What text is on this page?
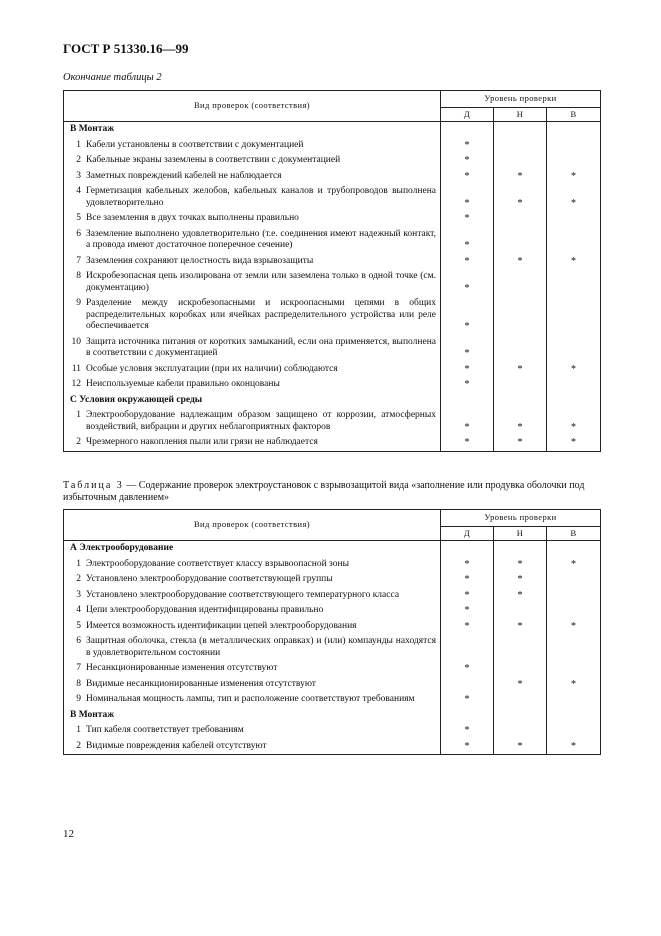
ГОСТ Р 51330.16—99
Окончание таблицы 2
Вид проверок (соответствия)	Уровень проверки		
	Д	Н	В
В Монтаж			

1 Кабели установлены в соответствии с документацией	*		

2 Кабельные экраны заземлены в соответствии с документацией	*		

3 Заметных повреждений кабелей не наблюдается	*	*	*

4 Герметизация кабельных желобов, кабельных каналов и трубопроводов выполнена удовлетворительно	*	*	*

5 Все заземления в двух точках выполнены правильно	*		

6 Заземление выполнено удовлетворительно (т.е. соединения имеют надежный контакт, а провода имеют достаточное поперечное сечение)	*		

7 Заземления сохраняют целостность вида взрывозащиты	*	*	*

8 Искробезопасная цепь изолирована от земли или заземлена только в одной точке (см. документацию)	*		

9 Разделение между искробезопасными и искроопасными цепями в общих распределительных коробках или ячейках распределительного устройства или реле обеспечивается	*		

10 Защита источника питания от коротких замыканий, если она применяется, выполнена в соответствии с документацией	*		

11 Особые условия эксплуатации (при их наличии) соблюдаются	*	*	*

12 Неиспользуемые кабели правильно оконцованы	*		
С Условия окружающей среды			

1 Электрооборудование надлежащим образом защищено от коррозии, атмосферных воздействий, вибрации и других неблагоприятных факторов	*	*	*

2 Чрезмерного накопления пыли или грязи не наблюдается	*	*	*
Таблица 3 — Содержание проверок электроустановок с взрывозащитой вида «заполнение или продувка оболочки под избыточным давлением»
Вид проверок (соответствия)	Уровень проверки		
	Д	Н	В
А Электрооборудование			

1 Электрооборудование соответствует классу взрывоопасной зоны	*	*	*

2 Установлено электрооборудование соответствующей группы	*	*	

3 Установлено электрооборудование соответствующего температурного класса	*	*	

4 Цепи электрооборудования идентифицированы правильно	*		

5 Имеется возможность идентификации цепей электрооборудования	*	*	*

6 Защитная оболочка, стекла (в металлических оправках) и (или) компаунды находятся в удовлетворительном состоянии			

7 Несанкционированные изменения отсутствуют	*		

8 Видимые несанкционированные изменения отсутствуют		*	*

9 Номинальная мощность лампы, тип и расположение соответствуют требованиям	*		
В Монтаж			

1 Тип кабеля соответствует требованиям	*		

2 Видимые повреждения кабелей отсутствуют	*	*	*
12
